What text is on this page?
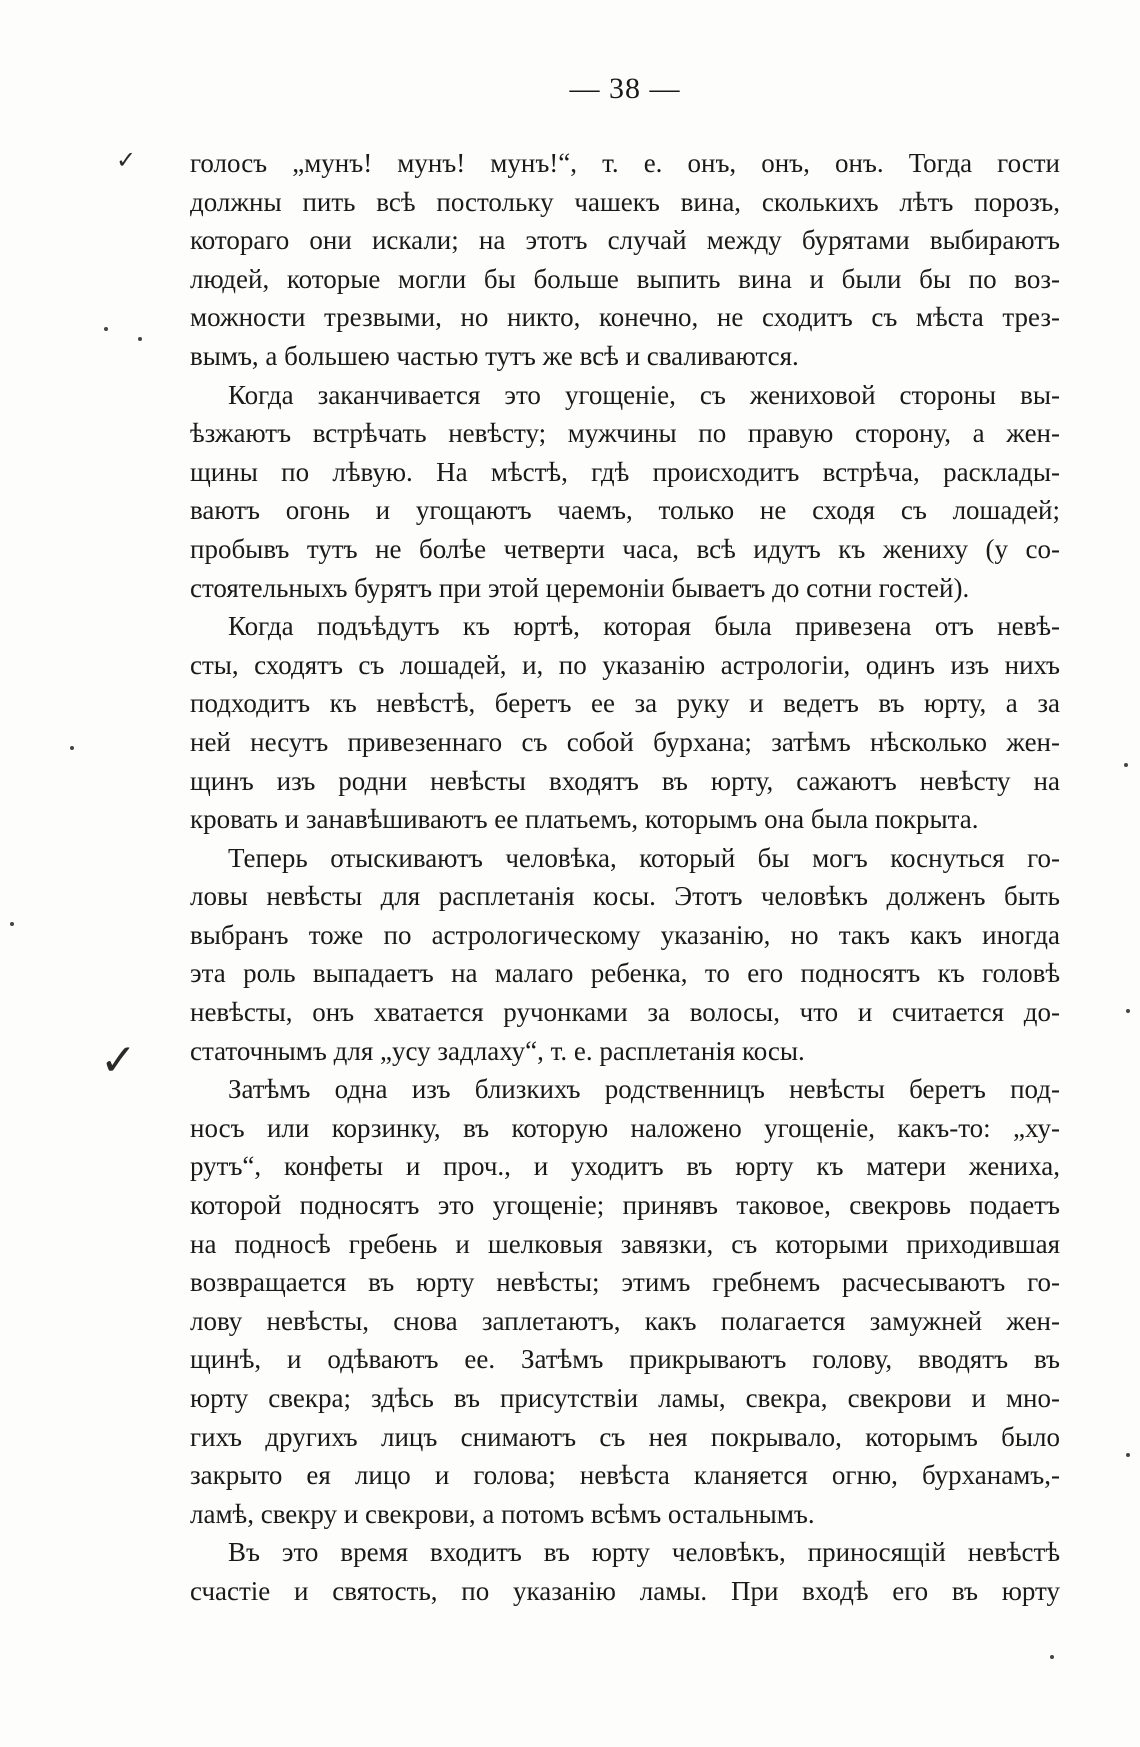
— 38 —
✓
✓
голосъ „мунъ! мунъ! мунъ!“, т. е. онъ, онъ, онъ. Тогда гости
должны пить всѣ постольку чашекъ вина, сколькихъ лѣтъ порозъ,
котораго они искали; на этотъ случай между бурятами выбираютъ
людей, которые могли бы больше выпить вина и были бы по воз-
можности трезвыми, но никто, конечно, не сходитъ съ мѣста трез-
вымъ, а большею частью тутъ же всѣ и сваливаются.
Когда заканчивается это угощеніе, съ жениховой стороны вы-
ѣзжаютъ встрѣчать невѣсту; мужчины по правую сторону, а жен-
щины по лѣвую. На мѣстѣ, гдѣ происходитъ встрѣча, расклады-
ваютъ огонь и угощаютъ чаемъ, только не сходя съ лошадей;
пробывъ тутъ не болѣе четверти часа, всѣ идутъ къ жениху (у со-
стоятельныхъ бурятъ при этой церемоніи бываетъ до сотни гостей).
Когда подъѣдутъ къ юртѣ, которая была привезена отъ невѣ-
сты, сходятъ съ лошадей, и, по указанію астрологіи, одинъ изъ нихъ
подходитъ къ невѣстѣ, беретъ ее за руку и ведетъ въ юрту, а за
ней несутъ привезеннаго съ собой бурхана; затѣмъ нѣсколько жен-
щинъ изъ родни невѣсты входятъ въ юрту, сажаютъ невѣсту на
кровать и занавѣшиваютъ ее платьемъ, которымъ она была покрыта.
Теперь отыскиваютъ человѣка, который бы могъ коснуться го-
ловы невѣсты для расплетанія косы. Этотъ человѣкъ долженъ быть
выбранъ тоже по астрологическому указанію, но такъ какъ иногда
эта роль выпадаетъ на малаго ребенка, то его подносятъ къ головѣ
невѣсты, онъ хватается ручонками за волосы, что и считается до-
статочнымъ для „усу задлаху“, т. е. расплетанія косы.
Затѣмъ одна изъ близкихъ родственницъ невѣсты беретъ под-
носъ или корзинку, въ которую наложено угощеніе, какъ-то: „ху-
рутъ“, конфеты и проч., и уходитъ въ юрту къ матери жениха,
которой подносятъ это угощеніе; принявъ таковое, свекровь подаетъ
на подносѣ гребень и шелковыя завязки, съ которыми приходившая
возвращается въ юрту невѣсты; этимъ гребнемъ расчесываютъ го-
лову невѣсты, снова заплетаютъ, какъ полагается замужней жен-
щинѣ, и одѣваютъ ее. Затѣмъ прикрываютъ голову, вводятъ въ
юрту свекра; здѣсь въ присутствіи ламы, свекра, свекрови и мно-
гихъ другихъ лицъ снимаютъ съ нея покрывало, которымъ было
закрыто ея лицо и голова; невѣста кланяется огню, бурханамъ,-
ламѣ, свекру и свекрови, а потомъ всѣмъ остальнымъ.
Въ это время входитъ въ юрту человѣкъ, приносящій невѣстѣ
счастіе и святость, по указанію ламы. При входѣ его въ юрту
